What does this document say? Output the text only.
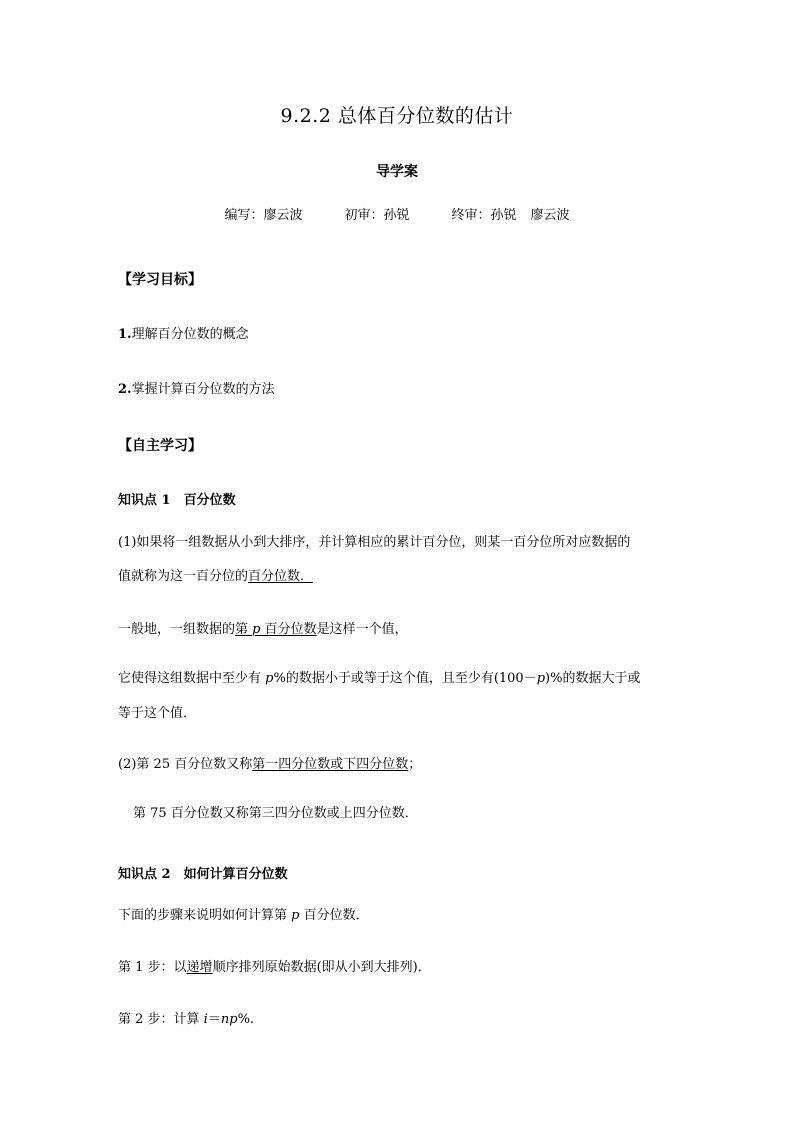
9.2.2 总体百分位数的估计
导学案
编写：廖云波	初审：孙锐	终审：孙锐 廖云波
【学习目标】
1.理解百分位数的概念
2.掌握计算百分位数的方法
【自主学习】
知识点 1　百分位数
(1)如果将一组数据从小到大排序，并计算相应的累计百分位，则某一百分位所对应数据的
值就称为这一百分位的百分位数．
一般地，一组数据的第 p 百分位数是这样一个值，
它使得这组数据中至少有 p%的数据小于或等于这个值，且至少有(100－p)%的数据大于或
等于这个值．
(2)第 25 百分位数又称第一四分位数或下四分位数；
第 75 百分位数又称第三四分位数或上四分位数．
知识点 2　如何计算百分位数
下面的步骤来说明如何计算第 p 百分位数．
第 1 步：以递增顺序排列原始数据(即从小到大排列)．
第 2 步：计算 i＝np%.
